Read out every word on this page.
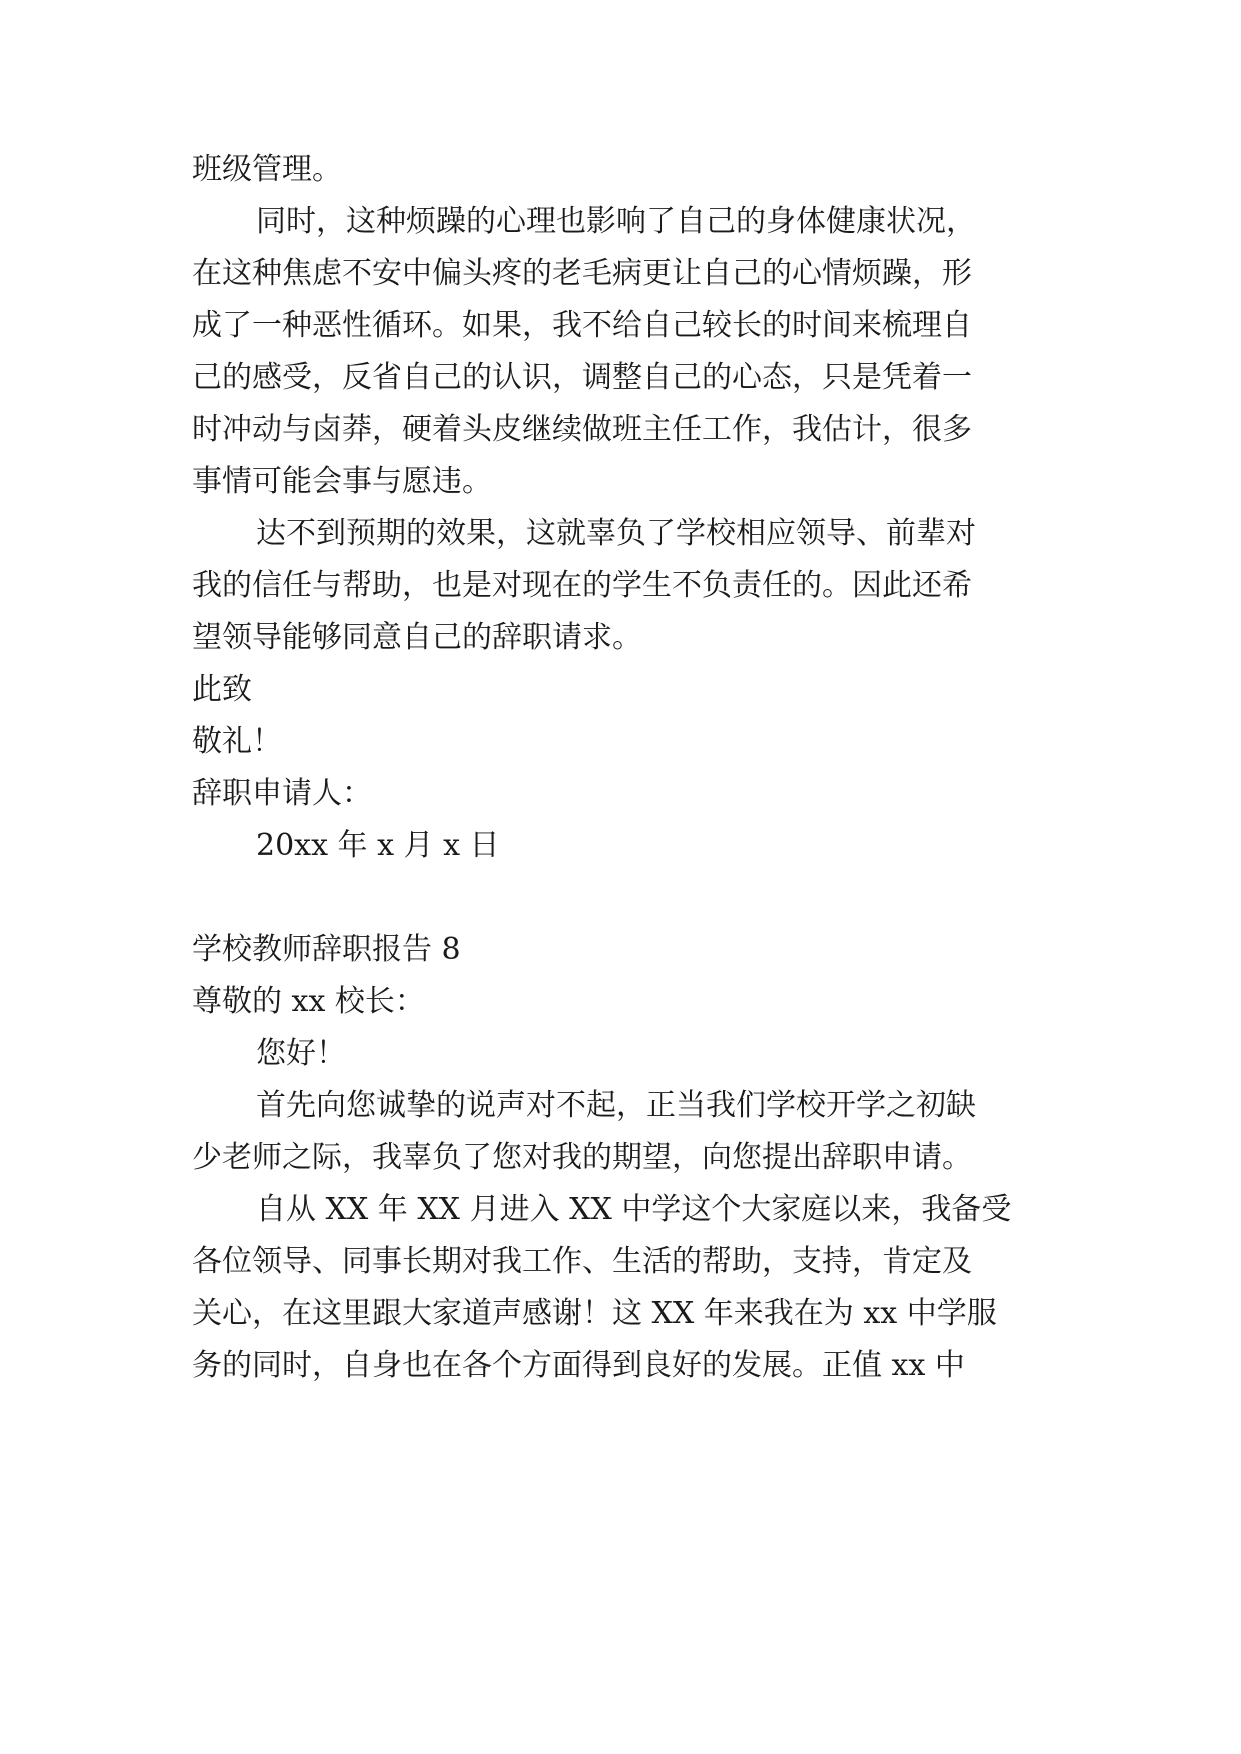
班级管理。
同时，这种烦躁的心理也影响了自己的身体健康状况，
在这种焦虑不安中偏头疼的老毛病更让自己的心情烦躁，形
成了一种恶性循环。如果，我不给自己较长的时间来梳理自
己的感受，反省自己的认识，调整自己的心态，只是凭着一
时冲动与卤莽，硬着头皮继续做班主任工作，我估计，很多
事情可能会事与愿违。
达不到预期的效果，这就辜负了学校相应领导、前辈对
我的信任与帮助，也是对现在的学生不负责任的。因此还希
望领导能够同意自己的辞职请求。
此致
敬礼！
辞职申请人：
20xx 年 x 月 x 日
学校教师辞职报告 8
尊敬的 xx 校长：
您好！
首先向您诚挚的说声对不起，正当我们学校开学之初缺
少老师之际，我辜负了您对我的期望，向您提出辞职申请。
自从 XX 年 XX 月进入 XX 中学这个大家庭以来，我备受
各位领导、同事长期对我工作、生活的帮助，支持，肯定及
关心，在这里跟大家道声感谢！这 XX 年来我在为 xx 中学服
务的同时，自身也在各个方面得到良好的发展。正值 xx 中
